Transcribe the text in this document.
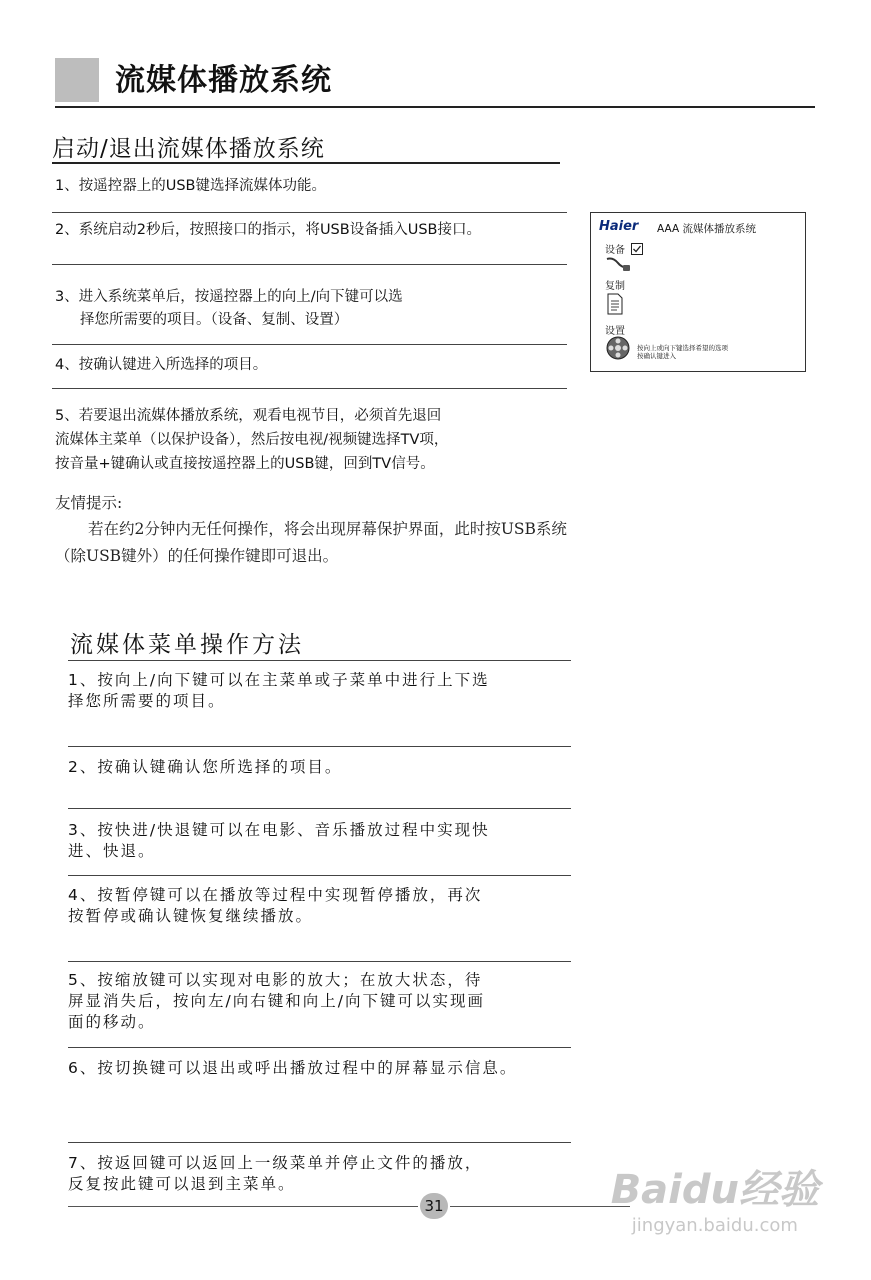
流媒体播放系统
启动/退出流媒体播放系统
1、按遥控器上的USB键选择流媒体功能。
2、系统启动2秒后，按照接口的指示，将USB设备插入USB接口。
3、进入系统菜单后，按遥控器上的向上/向下键可以选
择您所需要的项目。（设备、复制、设置）
4、按确认键进入所选择的项目。
5、若要退出流媒体播放系统，观看电视节目，必须首先退回
流媒体主菜单（以保护设备），然后按电视/视频键选择TV项，
按音量+键确认或直接按遥控器上的USB键，回到TV信号。
友情提示:
若在约2分钟内无任何操作，将会出现屏幕保护界面，此时按USB系统
（除USB键外）的任何操作键即可退出。
Haier AAA 流媒体播放系统
设备
复制
设置
按向上或向下键选择希望的选项
按确认键进入
流媒体菜单操作方法
1、按向上/向下键可以在主菜单或子菜单中进行上下选
择您所需要的项目。
2、按确认键确认您所选择的项目。
3、按快进/快退键可以在电影、音乐播放过程中实现快
进、快退。
4、按暂停键可以在播放等过程中实现暂停播放，再次
按暂停或确认键恢复继续播放。
5、按缩放键可以实现对电影的放大；在放大状态，待
屏显消失后，按向左/向右键和向上/向下键可以实现画
面的移动。
6、按切换键可以退出或呼出播放过程中的屏幕显示信息。
7、按返回键可以返回上一级菜单并停止文件的播放，
反复按此键可以退到主菜单。
31	Baidu经验
jingyan.baidu.com
